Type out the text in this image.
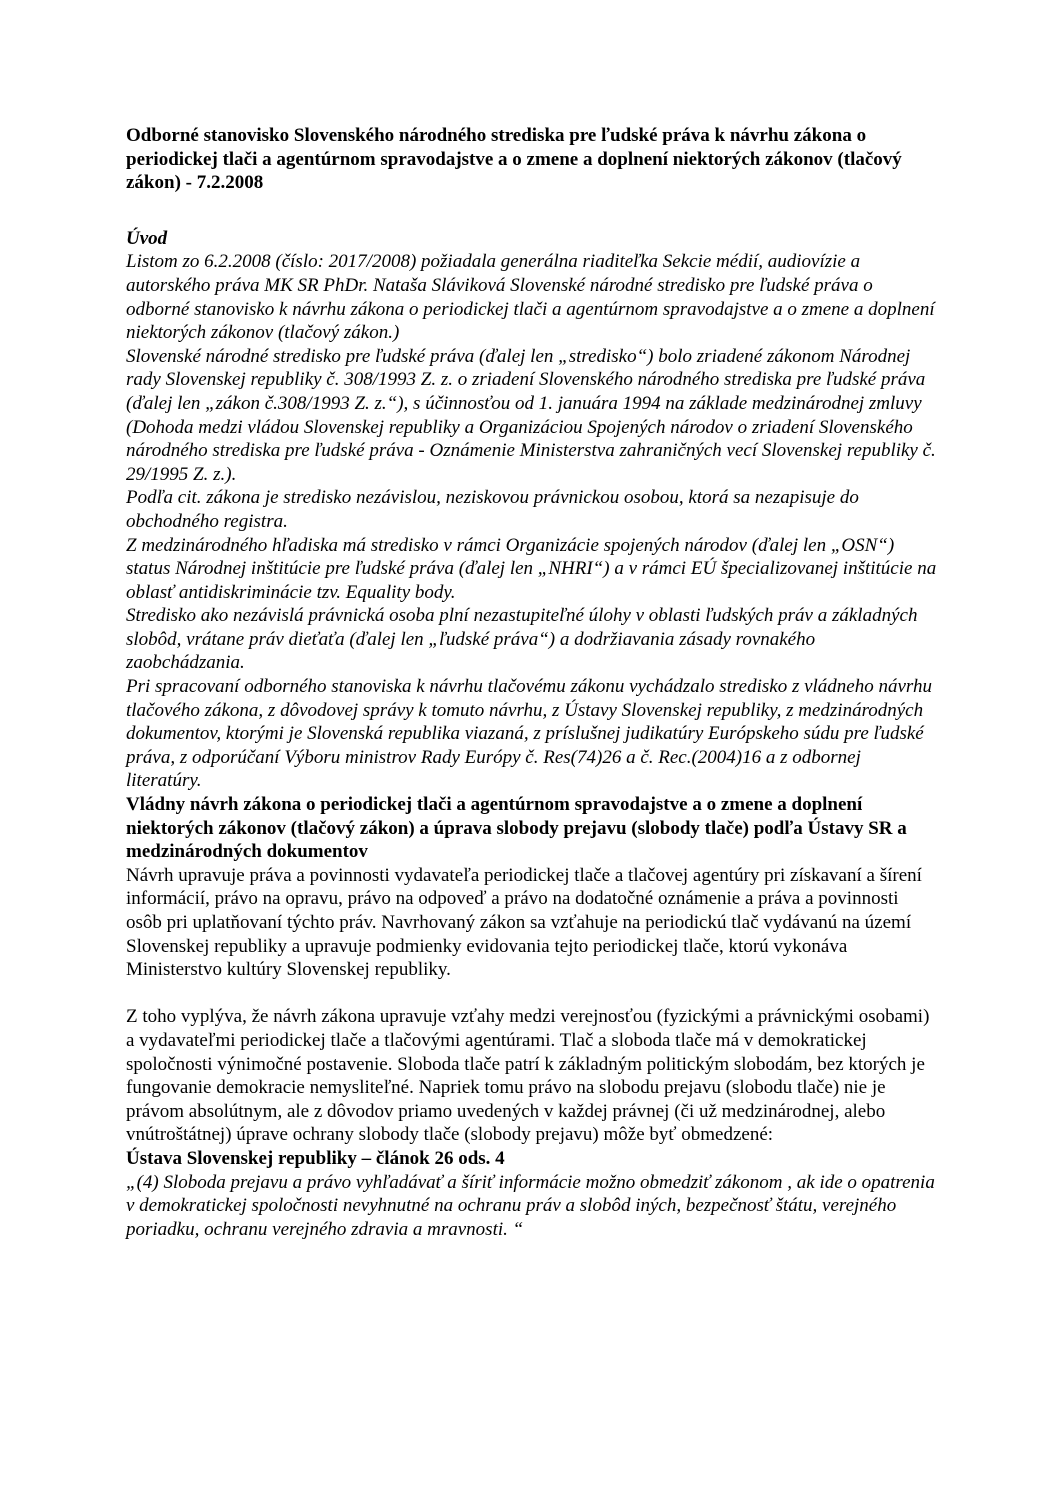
Odborné stanovisko Slovenského národného strediska pre ľudské práva k návrhu zákona o periodickej tlači a agentúrnom spravodajstve a o zmene a doplnení niektorých zákonov (tlačový zákon) - 7.2.2008

Úvod

Listom zo 6.2.2008 (číslo: 2017/2008) požiadala generálna riaditeľka Sekcie médií, audiovízie a autorského práva MK SR PhDr. Nataša Sláviková Slovenské národné stredisko pre ľudské práva o odborné stanovisko k návrhu zákona o periodickej tlači a agentúrnom spravodajstve a o zmene a doplnení niektorých zákonov (tlačový zákon.)

Slovenské národné stredisko pre ľudské práva (ďalej len „stredisko“) bolo zriadené zákonom Národnej rady Slovenskej republiky č. 308/1993 Z. z. o zriadení Slovenského národného strediska pre ľudské práva (ďalej len „zákon č.308/1993 Z. z.“), s účinnosťou od 1. januára 1994 na základe medzinárodnej zmluvy (Dohoda medzi vládou Slovenskej republiky a Organizáciou Spojených národov o zriadení Slovenského národného strediska pre ľudské práva - Oznámenie Ministerstva zahraničných vecí Slovenskej republiky č. 29/1995 Z. z.).

Podľa cit. zákona je stredisko nezávislou, neziskovou právnickou osobou, ktorá sa nezapisuje do obchodného registra.

Z medzinárodného hľadiska má stredisko v rámci Organizácie spojených národov (ďalej len „OSN“) status Národnej inštitúcie pre ľudské práva (ďalej len „NHRI“) a v rámci EÚ špecializovanej inštitúcie na oblasť antidiskriminácie tzv. Equality body.

Stredisko ako nezávislá právnická osoba plní nezastupiteľné úlohy v oblasti ľudských práv a základných slobôd, vrátane práv dieťaťa (ďalej len „ľudské práva“) a dodržiavania zásady rovnakého zaobchádzania.

Pri spracovaní odborného stanoviska k návrhu tlačovému zákonu vychádzalo stredisko z vládneho návrhu tlačového zákona, z dôvodovej správy k tomuto návrhu, z Ústavy Slovenskej republiky, z medzinárodných dokumentov, ktorými je Slovenská republika viazaná, z príslušnej judikatúry Európskeho súdu pre ľudské práva, z odporúčaní Výboru ministrov Rady Európy č. Res(74)26 a č. Rec.(2004)16 a z odbornej literatúry.

Vládny návrh zákona o periodickej tlači a agentúrnom spravodajstve a o zmene a doplnení niektorých zákonov (tlačový zákon) a úprava slobody prejavu (slobody tlače) podľa Ústavy SR a medzinárodných dokumentov

Návrh upravuje práva a povinnosti vydavateľa periodickej tlače a tlačovej agentúry pri získavaní a šírení informácií, právo na opravu, právo na odpoveď a právo na dodatočné oznámenie a práva a povinnosti osôb pri uplatňovaní týchto práv. Navrhovaný zákon sa vzťahuje na periodickú tlač vydávanú na území Slovenskej republiky a upravuje podmienky evidovania tejto periodickej tlače, ktorú vykonáva Ministerstvo kultúry Slovenskej republiky.

Z toho vyplýva, že návrh zákona upravuje vzťahy medzi verejnosťou (fyzickými a právnickými osobami) a vydavateľmi periodickej tlače a tlačovými agentúrami. Tlač a sloboda tlače má v demokratickej spoločnosti výnimočné postavenie. Sloboda tlače patrí k základným politickým slobodám, bez ktorých je fungovanie demokracie nemysliteľné. Napriek tomu právo na slobodu prejavu (slobodu tlače) nie je právom absolútnym, ale z dôvodov priamo uvedených v každej právnej (či už medzinárodnej, alebo vnútroštátnej) úprave ochrany slobody tlače (slobody prejavu) môže byť obmedzené:

Ústava Slovenskej republiky – článok 26 ods. 4

„(4) Sloboda prejavu a právo vyhľadávať a šíriť informácie možno obmedziť zákonom , ak ide o opatrenia v demokratickej spoločnosti nevyhnutné na ochranu práv a slobôd iných, bezpečnosť štátu, verejného poriadku, ochranu verejného zdravia a mravnosti. “
